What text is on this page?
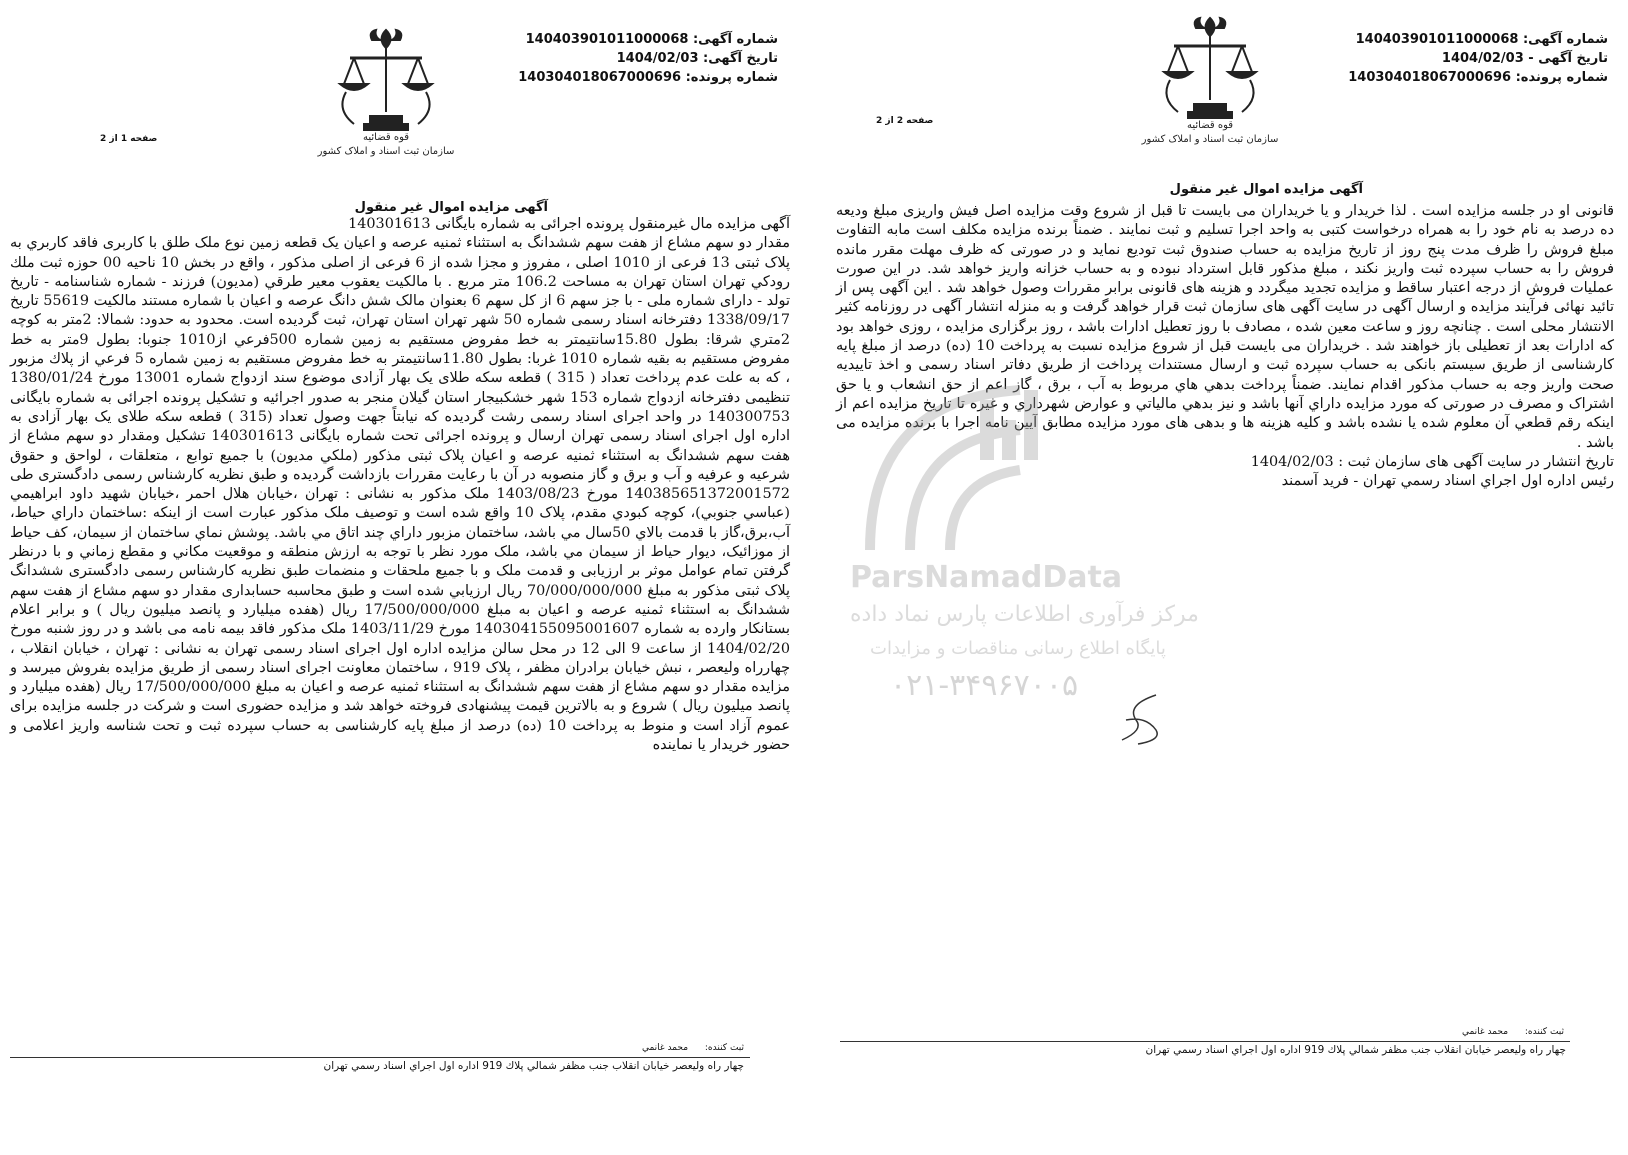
شماره آگهی: 140403901011000068
تاریخ آگهی - 1404/02/03
شماره پرونده: 140304018067000696
قوه قضائیه
سازمان ثبت اسناد و املاک کشور
صفحه 2 از 2
آگهی مزایده اموال غیر منقول

قانونی او در جلسه مزایده است . لذا خریدار و یا خریداران می بایست تا قبل از شروع وقت مزایده اصل فیش واریزی مبلغ ودیعه ده درصد به نام خود را به همراه درخواست کتبی به واحد اجرا تسلیم و ثبت نمایند . ضمناً برنده مزایده مکلف است مابه التفاوت مبلغ فروش را ظرف مدت پنج روز از تاریخ مزایده به حساب صندوق ثبت تودیع نماید و در صورتی که ظرف مهلت مقرر مانده فروش را به حساب سپرده ثبت واریز نکند ، مبلغ مذکور قابل استرداد نبوده و به حساب خزانه واریز خواهد شد. در این صورت عملیات فروش از درجه اعتبار ساقط و مزایده تجدید میگردد و هزینه های قانونی برابر مقررات وصول خواهد شد . این آگهی پس از تائید نهائی فرآیند مزایده و ارسال آگهی در سایت آگهی های سازمان ثبت قرار خواهد گرفت و به منزله انتشار آگهی در روزنامه کثیر الانتشار محلی است . چنانچه روز و ساعت معین شده ، مصادف با روز تعطیل ادارات باشد ، روز برگزاری مزایده ، روزی خواهد بود که ادارات بعد از تعطیلی باز خواهند شد . خریداران می بایست قبل از شروع مزایده نسبت به پرداخت 10 (ده) درصد از مبلغ پایه کارشناسی از طریق سیستم بانکی به حساب سپرده ثبت و ارسال مستندات پرداخت از طریق دفاتر اسناد رسمی و اخذ تاییدیه صحت واریز وجه به حساب مذکور اقدام نمایند. ضمناً پرداخت بدهي هاي مربوط به آب ، برق ، گاز اعم از حق انشعاب و یا حق اشتراک و مصرف در صورتی که مورد مزایده داراي آنها باشد و نیز بدهي مالیاتي و عوارض شهرداري و غیره تا تاریخ مزایده اعم از اینکه رقم قطعي آن معلوم شده یا نشده باشد و کلیه هزینه ها و بدهی های مورد مزایده مطابق آیین نامه اجرا با برنده مزایده می باشد .

تاریخ انتشار در سایت آگهی های سازمان ثبت : 1404/02/03

رئيس اداره اول اجراي اسناد رسمي تهران - فريد آسمند

ثبت کننده: محمد غانمي
چهار راه ولیعصر خیابان انقلاب جنب مظفر شمالي پلاك 919 اداره اول اجراي اسناد رسمي تهران
شماره آگهی: 140403901011000068
تاریخ آگهی: 1404/02/03
شماره پرونده: 140304018067000696
قوه قضائیه
سازمان ثبت اسناد و املاک کشور
صفحه 1 از 2
آگهی مزایده اموال غیر منقول

آگهی مزایده مال غیرمنقول پرونده اجرائی به شماره بایگانی 140301613

مقدار دو سهم مشاع از هفت سهم ششدانگ به استثناء ثمنیه عرصه و اعیان یک قطعه زمین نوع ملک طلق با کاربری فاقد کاربري به پلاک ثبتی 13 فرعی از 1010 اصلی ، مفروز و مجزا شده از 6 فرعی از اصلی مذکور ، واقع در بخش 10 ناحیه 00 حوزه ثبت ملك رودكي تهران استان تهران به مساحت 106.2 متر مربع . با مالکیت یعقوب معیر طرقي (مدیون) فرزند - شماره شناسنامه - تاریخ تولد - دارای شماره ملی - با جز سهم 6 از کل سهم 6 بعنوان مالک شش دانگ عرصه و اعیان با شماره مستند مالکیت 55619 تاریخ 1338/09/17 دفترخانه اسناد رسمی شماره 50 شهر تهران استان تهران، ثبت گردیده است. محدود به حدود: شمالا: 2متر به کوچه 2متري شرقا: بطول 15.80سانتيمتر به خط مفروض مستقیم به زمين شماره 500فرعي از1010 جنوبا: بطول 9متر به خط مفروض مستقیم به بقیه شماره 1010 غربا: بطول 11.80سانتيمتر به خط مفروض مستقیم به زمين شماره 5 فرعي از پلاك مزبور ، که به علت عدم پرداخت تعداد ( 315 ) قطعه سکه طلای یک بهار آزادی موضوع سند ازدواج شماره 13001 مورخ 1380/01/24 تنظیمی دفترخانه ازدواج شماره 153 شهر خشکبیجار استان گیلان منجر به صدور اجرائیه و تشکیل پرونده اجرائی به شماره بایگانی 140300753 در واحد اجرای اسناد رسمی رشت گردیده که نیابتاً جهت وصول تعداد (315 ) قطعه سکه طلای یک بهار آزادی به اداره اول اجرای اسناد رسمی تهران ارسال و پرونده اجرائی تحت شماره بایگانی 140301613 تشکیل ومقدار دو سهم مشاع از هفت سهم ششدانگ به استثناء ثمنیه عرصه و اعیان پلاک ثبتی مذکور (ملکي مدیون) با جمیع توابع ، متعلقات ، لواحق و حقوق شرعیه و عرفیه و آب و برق و گاز منصوبه در آن با رعایت مقررات بازداشت گردیده و طبق نظریه کارشناس رسمی دادگستری طی 140385651372001572 مورخ 1403/08/23 ملک مذکور به نشانی : تهران ،خیابان هلال احمر ،خیابان شهید داود ابراهیمي (عباسي جنوبي)، کوچه کبودي مقدم، پلاک 10 واقع شده است و توصیف ملک مذکور عبارت است از اینکه :ساختمان داراي حیاط، آب،برق،گاز با قدمت بالاي 50سال مي باشد، ساختمان مزبور داراي چند اتاق مي باشد. پوشش نماي ساختمان از سیمان، کف حیاط از موزائیک، دیوار حیاط از سیمان مي باشد، ملک مورد نظر با توجه به ارزش منطقه و موقعیت مکاني و مقطع زماني و با درنظر گرفتن تمام عوامل موثر بر ارزیابی و قدمت ملک و با جمیع ملحقات و منضمات طبق نظریه کارشناس رسمی دادگستری ششدانگ پلاک ثبتی مذکور به مبلغ 70/000/000/000 ريال ارزيابي شده است و طبق محاسبه حسابداری مقدار دو سهم مشاع از هفت سهم ششدانگ به استثناء ثمنیه عرصه و اعیان به مبلغ 17/500/000/000 ريال (هفده میلیارد و پانصد میلیون ریال ) و برابر اعلام بستانکار وارده به شماره 140304155095001607 مورخ 1403/11/29 ملک مذکور فاقد بیمه نامه می باشد و در روز شنبه مورخ 1404/02/20 از ساعت 9 الی 12 در محل سالن مزایده اداره اول اجرای اسناد رسمی تهران به نشانی : تهران ، خیابان انقلاب ، چهارراه ولیعصر ، نبش خیابان برادران مظفر ، پلاک 919 ، ساختمان معاونت اجرای اسناد رسمی از طریق مزایده بفروش میرسد و مزایده مقدار دو سهم مشاع از هفت سهم ششدانگ به استثناء ثمنیه عرصه و اعیان به مبلغ 17/500/000/000 ريال (هفده میلیارد و پانصد میلیون ریال ) شروع و به بالاترین قیمت پیشنهادی فروخته خواهد شد و مزایده حضوری است و شرکت در جلسه مزایده برای عموم آزاد است و منوط به پرداخت 10 (ده) درصد از مبلغ پایه کارشناسی به حساب سپرده ثبت و تحت شناسه واریز اعلامی و حضور خریدار یا نماینده

ثبت کننده: محمد غانمي
چهار راه ولیعصر خیابان انقلاب جنب مظفر شمالي پلاك 919 اداره اول اجراي اسناد رسمي تهران
ParsNamadData
مرکز فرآوری اطلاعات پارس نماد داده
پایگاه اطلاع رسانی مناقصات و مزایدات
۰۲۱-۳۴۹۶۷۰۰۵
